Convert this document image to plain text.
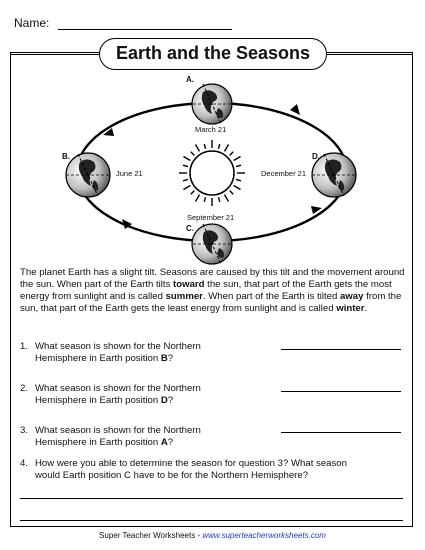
Name:
Earth and the Seasons
A.
March 21
B.
June 21
C.
September 21
D.
December 21
The planet Earth has a slight tilt. Seasons are caused by this tilt and the movement around the sun. When part of the Earth tilts toward the sun, that part of the Earth gets the most energy from sunlight and is called summer. When part of the Earth is tilted away from the sun, that part of the Earth gets the least energy from sunlight and is called winter.
1. What season is shown for the Northern
Hemisphere in Earth position B?
2. What season is shown for the Northern
Hemisphere in Earth position D?
3. What season is shown for the Northern
Hemisphere in Earth position A?
4. How were you able to determine the season for question 3? What season
would Earth position C have to be for the Northern Hemisphere?
Super Teacher Worksheets - www.superteacherworksheets.com
